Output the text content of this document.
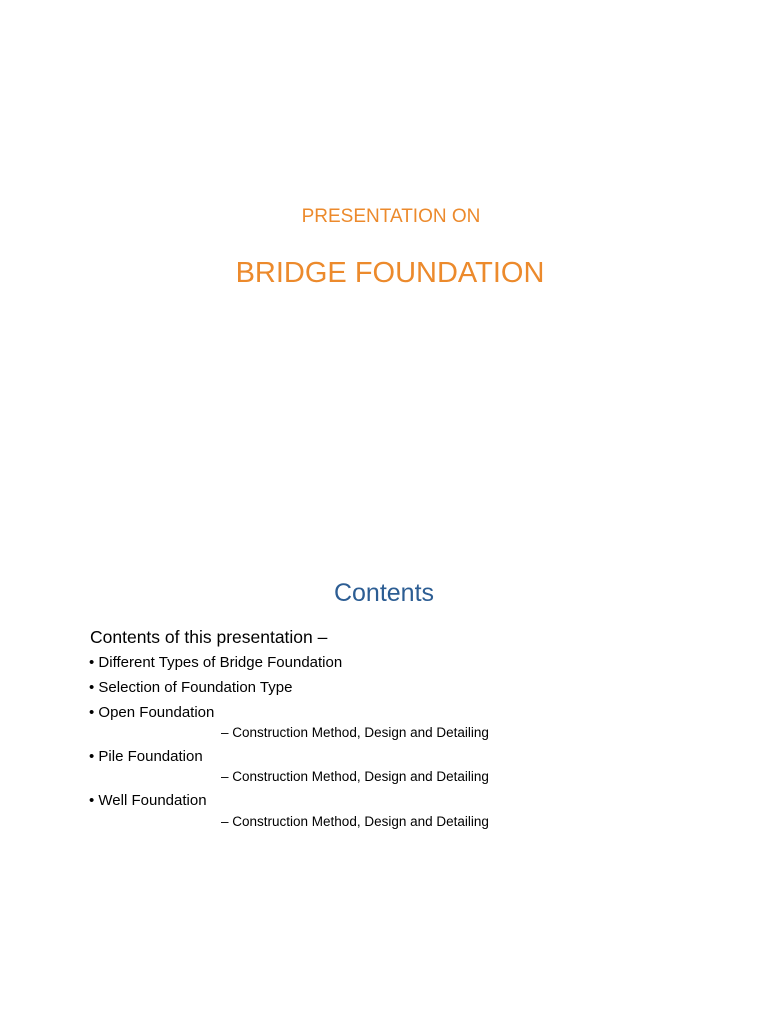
PRESENTATION ON
BRIDGE FOUNDATION
Contents
Contents of this presentation –
• Different Types of Bridge Foundation
• Selection of Foundation Type
• Open Foundation
– Construction Method, Design and Detailing
• Pile Foundation
– Construction Method, Design and Detailing
• Well Foundation
– Construction Method, Design and Detailing
